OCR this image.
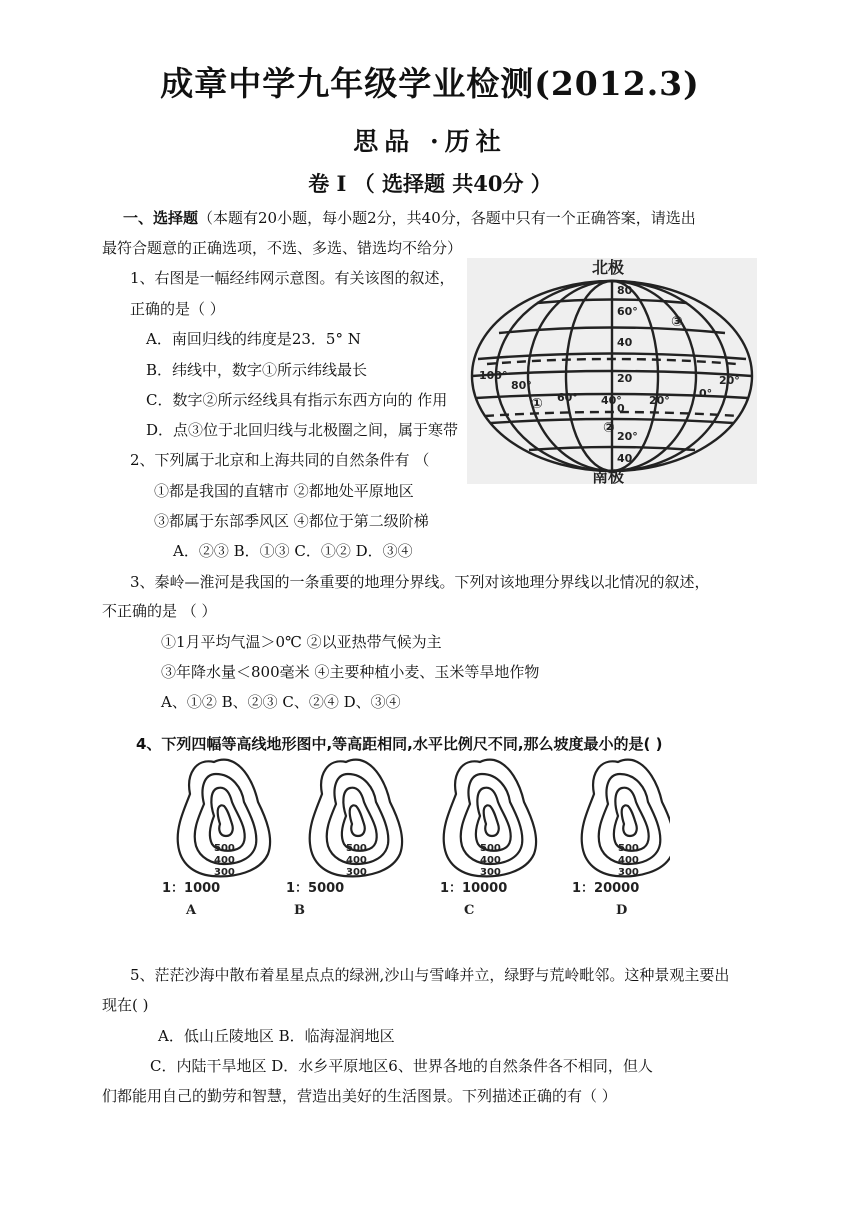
成章中学九年级学业检测(2012.3)
思品 ·历社
卷 Ⅰ （ 选择题 共40分 ）
一、选择题（本题有20小题，每小题2分，共40分，各题中只有一个正确答案，请选出
最符合题意的正确选项，不选、多选、错选均不给分）
1、右图是一幅经纬网示意图。有关该图的叙述，
正确的是（ ）
A．南回归线的纬度是23．5° N
B．纬线中，数字①所示纬线最长
C．数字②所示经线具有指示东西方向的 作用
D．点③位于北回归线与北极圈之间，属于寒带
北极
南极
80
60°
40
20
0
20°
40
100°
80°
60° 40° 20°
0°
20°
①
②
③
2、下列属于北京和上海共同的自然条件有 （
①都是我国的直辖市 ②都地处平原地区
③都属于东部季风区 ④都位于第二级阶梯
A．②③ B．①③ C．①② D．③④
3、秦岭—淮河是我国的一条重要的地理分界线。下列对该地理分界线以北情况的叙述，
不正确的是 （ ）
①1月平均气温＞0℃ ②以亚热带气候为主
③年降水量＜800毫米 ④主要种植小麦、玉米等旱地作物
A、①② B、②③ C、②④ D、③④
4、下列四幅等高线地形图中,等高距相同,水平比例尺不同,那么坡度最小的是( )
500
400
300
1：1000
A
500
400
300
1：5000
B
500
400
300
1：10000
C
500
400
300
1：20000
D
5、茫茫沙海中散布着星星点点的绿洲,沙山与雪峰并立，绿野与荒岭毗邻。这种景观主要出
现在( )
A．低山丘陵地区 B．临海湿润地区
C．内陆干旱地区 D．水乡平原地区6、世界各地的自然条件各不相同，但人
们都能用自己的勤劳和智慧，营造出美好的生活图景。下列描述正确的有（ ）
